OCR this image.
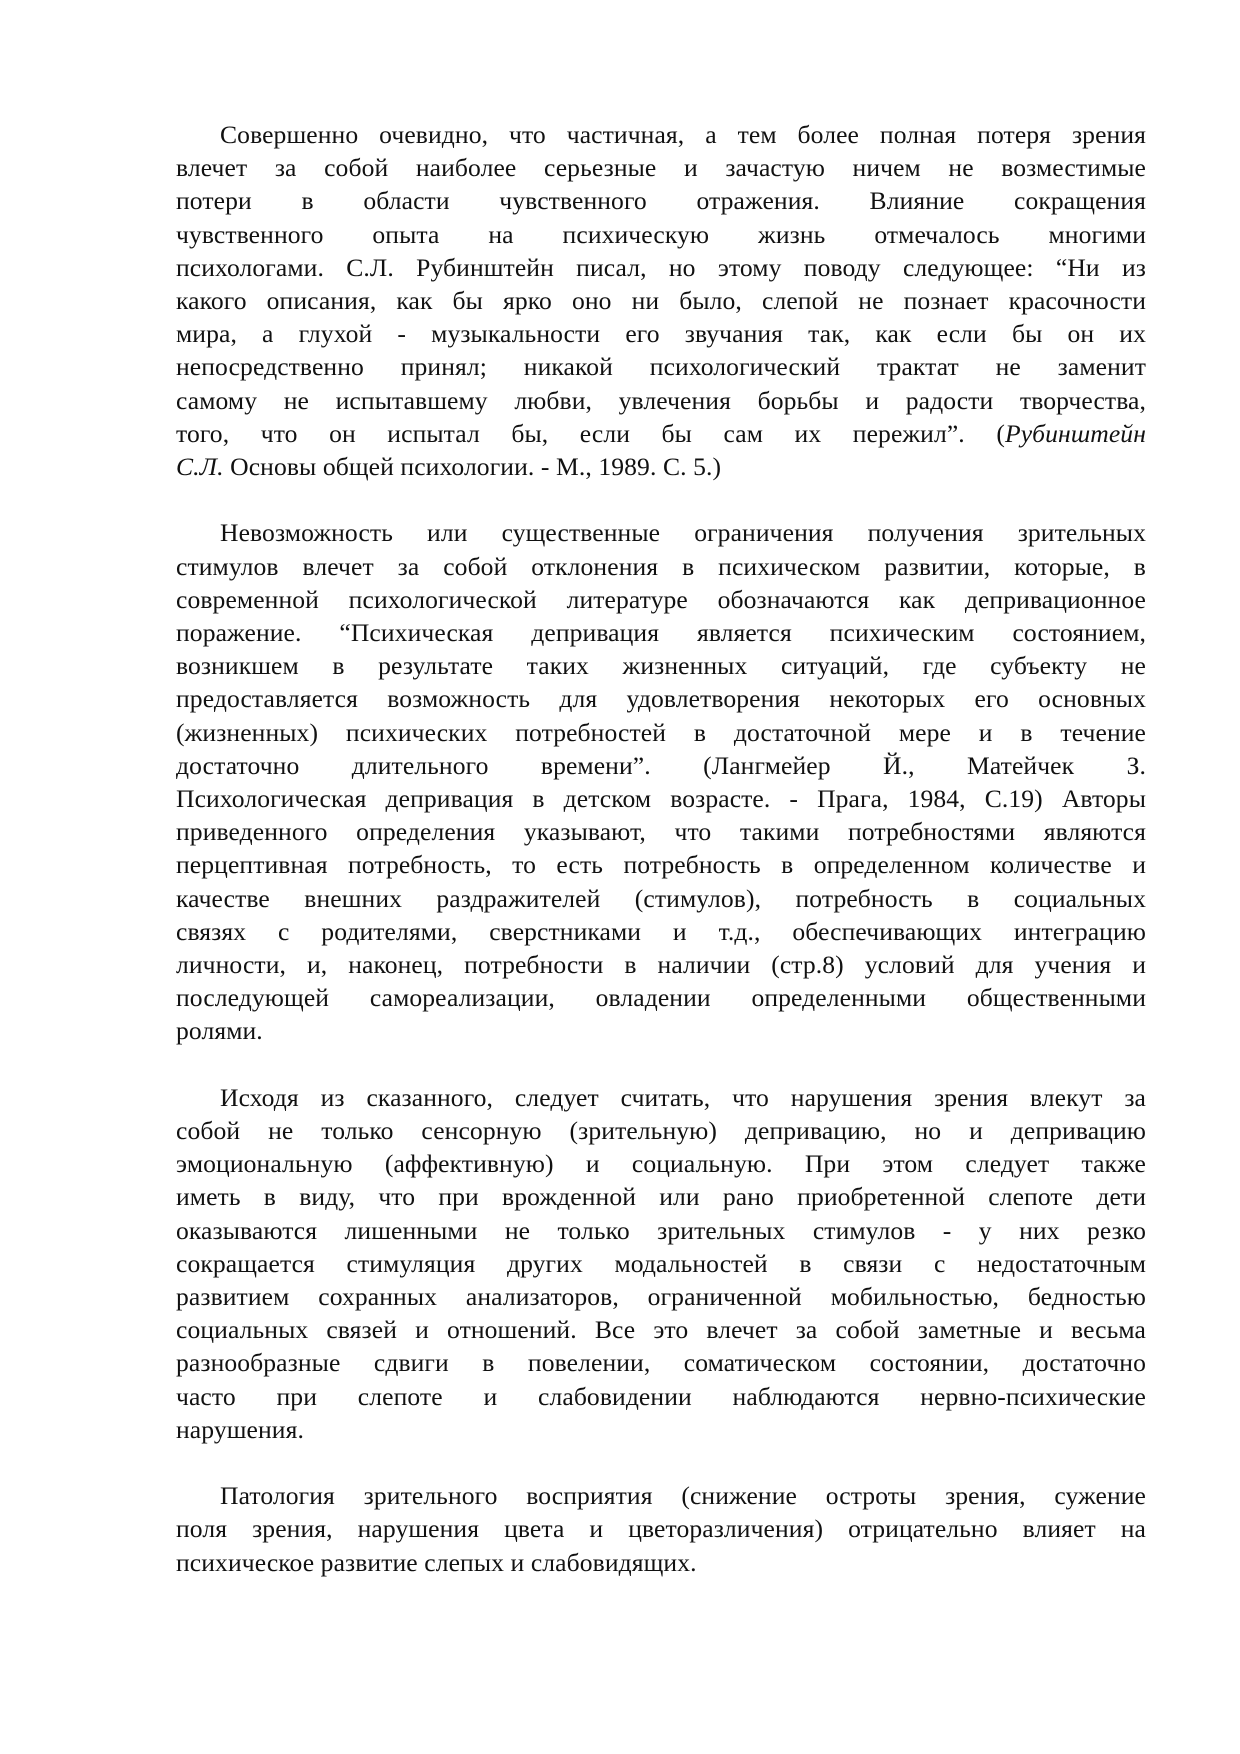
Совершенно очевидно, что частичная, а тем более полная потеря зрения
влечет за собой наиболее серьезные и зачастую ничем не возместимые
потери в области чувственного отражения. Влияние сокращения
чувственного опыта на психическую жизнь отмечалось многими
психологами. С.Л. Рубинштейн писал, но этому поводу следующее: “Ни из
какого описания, как бы ярко оно ни было, слепой не познает красочности
мира, а глухой - музыкальности его звучания так, как если бы он их
непосредственно принял; никакой психологический трактат не заменит
самому не испытавшему любви, увлечения борьбы и радости творчества,
того, что он испытал бы, если бы сам их пережил”. (Рубинштейн
С.Л. Основы общей психологии. - М., 1989. С. 5.)
Невозможность или существенные ограничения получения зрительных
стимулов влечет за собой отклонения в психическом развитии, которые, в
современной психологической литературе обозначаются как депривационное
поражение. “Психическая депривация является психическим состоянием,
возникшем в результате таких жизненных ситуаций, где субъекту не
предоставляется возможность для удовлетворения некоторых его основных
(жизненных) психических потребностей в достаточной мере и в течение
достаточно длительного времени”. (Лангмейер Й., Матейчек З.
Психологическая депривация в детском возрасте. - Прага, 1984, С.19) Авторы
приведенного определения указывают, что такими потребностями являются
перцептивная потребность, то есть потребность в определенном количестве и
качестве внешних раздражителей (стимулов), потребность в социальных
связях с родителями, сверстниками и т.д., обеспечивающих интеграцию
личности, и, наконец, потребности в наличии (стр.8) условий для учения и
последующей самореализации, овладении определенными общественными
ролями.
Исходя из сказанного, следует считать, что нарушения зрения влекут за
собой не только сенсорную (зрительную) депривацию, но и депривацию
эмоциональную (аффективную) и социальную. При этом следует также
иметь в виду, что при врожденной или рано приобретенной слепоте дети
оказываются лишенными не только зрительных стимулов - у них резко
сокращается стимуляция других модальностей в связи с недостаточным
развитием сохранных анализаторов, ограниченной мобильностью, бедностью
социальных связей и отношений. Все это влечет за собой заметные и весьма
разнообразные сдвиги в повелении, соматическом состоянии, достаточно
часто при слепоте и слабовидении наблюдаются нервно-психические
нарушения.
Патология зрительного восприятия (снижение остроты зрения, сужение
поля зрения, нарушения цвета и цветоразличения) отрицательно влияет на
психическое развитие слепых и слабовидящих.
